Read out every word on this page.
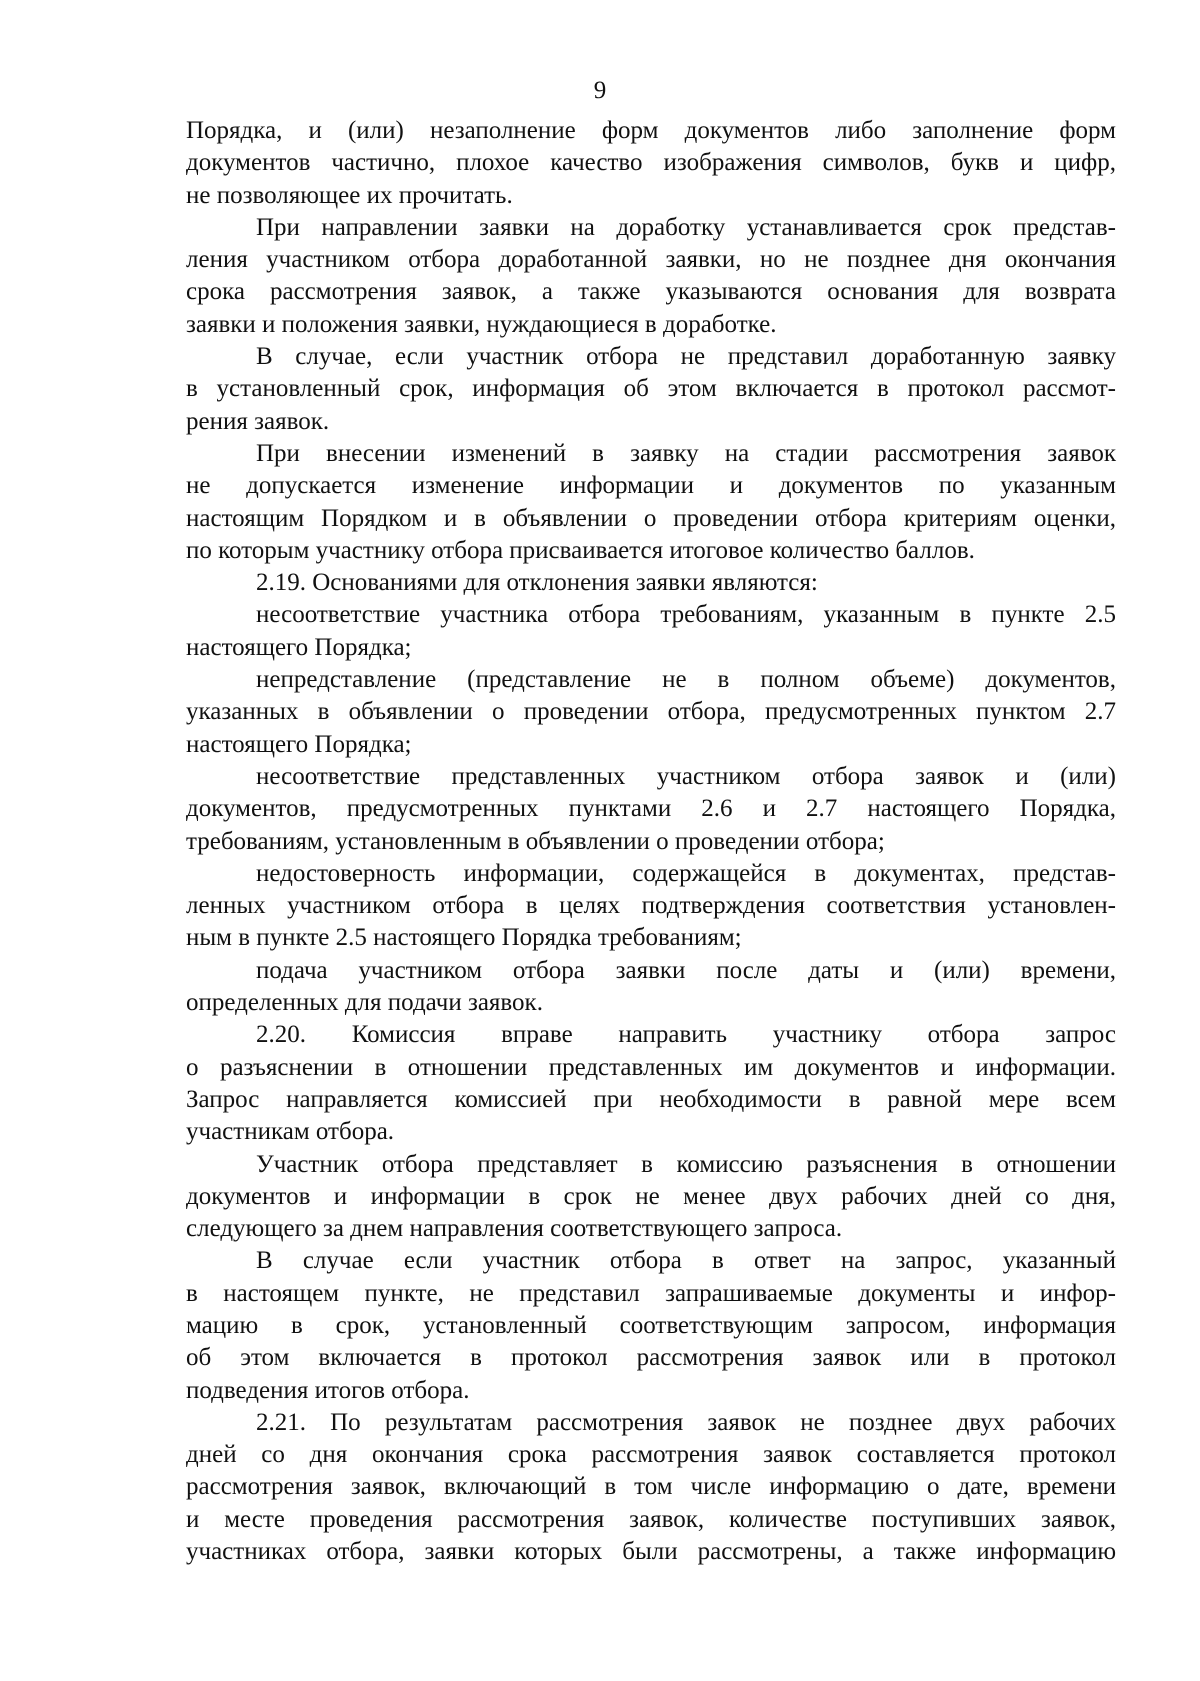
9
Порядка, и (или) незаполнение форм документов либо заполнение форм
документов частично, плохое качество изображения символов, букв и цифр,
не позволяющее их прочитать.
При направлении заявки на доработку устанавливается срок представ-
ления участником отбора доработанной заявки, но не позднее дня окончания
срока рассмотрения заявок, а также указываются основания для возврата
заявки и положения заявки, нуждающиеся в доработке.
В случае, если участник отбора не представил доработанную заявку
в установленный срок, информация об этом включается в протокол рассмот-
рения заявок.
При внесении изменений в заявку на стадии рассмотрения заявок
не допускается изменение информации и документов по указанным
настоящим Порядком и в объявлении о проведении отбора критериям оценки,
по которым участнику отбора присваивается итоговое количество баллов.
2.19. Основаниями для отклонения заявки являются:
несоответствие участника отбора требованиям, указанным в пункте 2.5
настоящего Порядка;
непредставление (представление не в полном объеме) документов,
указанных в объявлении о проведении отбора, предусмотренных пунктом 2.7
настоящего Порядка;
несоответствие представленных участником отбора заявок и (или)
документов, предусмотренных пунктами 2.6 и 2.7 настоящего Порядка,
требованиям, установленным в объявлении о проведении отбора;
недостоверность информации, содержащейся в документах, представ-
ленных участником отбора в целях подтверждения соответствия установлен-
ным в пункте 2.5 настоящего Порядка требованиям;
подача участником отбора заявки после даты и (или) времени,
определенных для подачи заявок.
2.20. Комиссия вправе направить участнику отбора запрос
о разъяснении в отношении представленных им документов и информации.
Запрос направляется комиссией при необходимости в равной мере всем
участникам отбора.
Участник отбора представляет в комиссию разъяснения в отношении
документов и информации в срок не менее двух рабочих дней со дня,
следующего за днем направления соответствующего запроса.
В случае если участник отбора в ответ на запрос, указанный
в настоящем пункте, не представил запрашиваемые документы и инфор-
мацию в срок, установленный соответствующим запросом, информация
об этом включается в протокол рассмотрения заявок или в протокол
подведения итогов отбора.
2.21. По результатам рассмотрения заявок не позднее двух рабочих
дней со дня окончания срока рассмотрения заявок составляется протокол
рассмотрения заявок, включающий в том числе информацию о дате, времени
и месте проведения рассмотрения заявок, количестве поступивших заявок,
участниках отбора, заявки которых были рассмотрены, а также информацию
